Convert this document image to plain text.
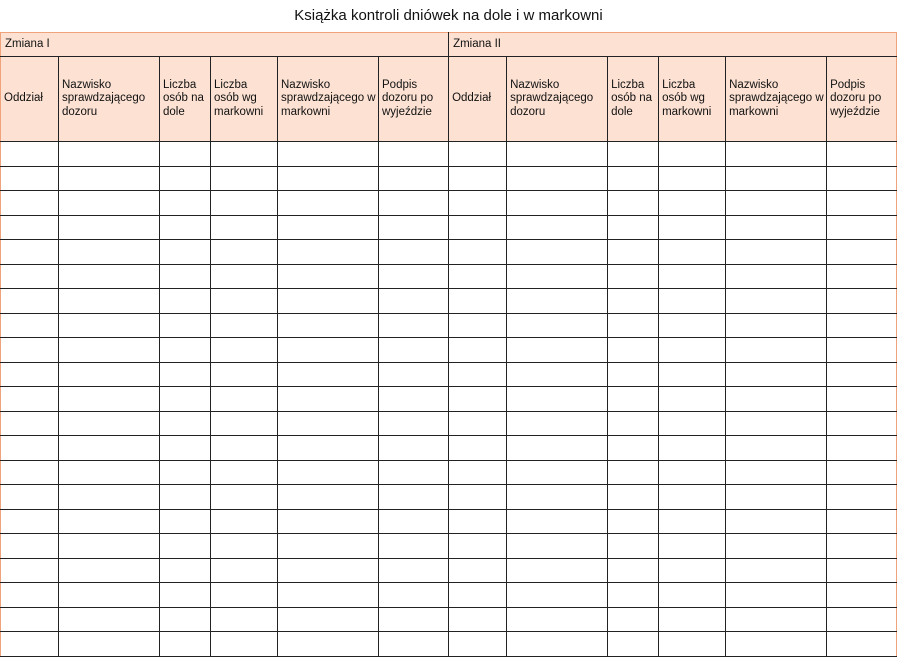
Książka kontroli dniówek na dole i w markowni
Zmiana I						Zmiana II					
Oddział	Nazwisko sprawdzającego dozoru	Liczba osób na dole	Liczba osób wg markowni	Nazwisko sprawdzającego w markowni	Podpis dozoru po wyjeździe	Oddział	Nazwisko sprawdzającego dozoru	Liczba osób na dole	Liczba osób wg markowni	Nazwisko sprawdzającego w markowni	Podpis dozoru po wyjeździe
